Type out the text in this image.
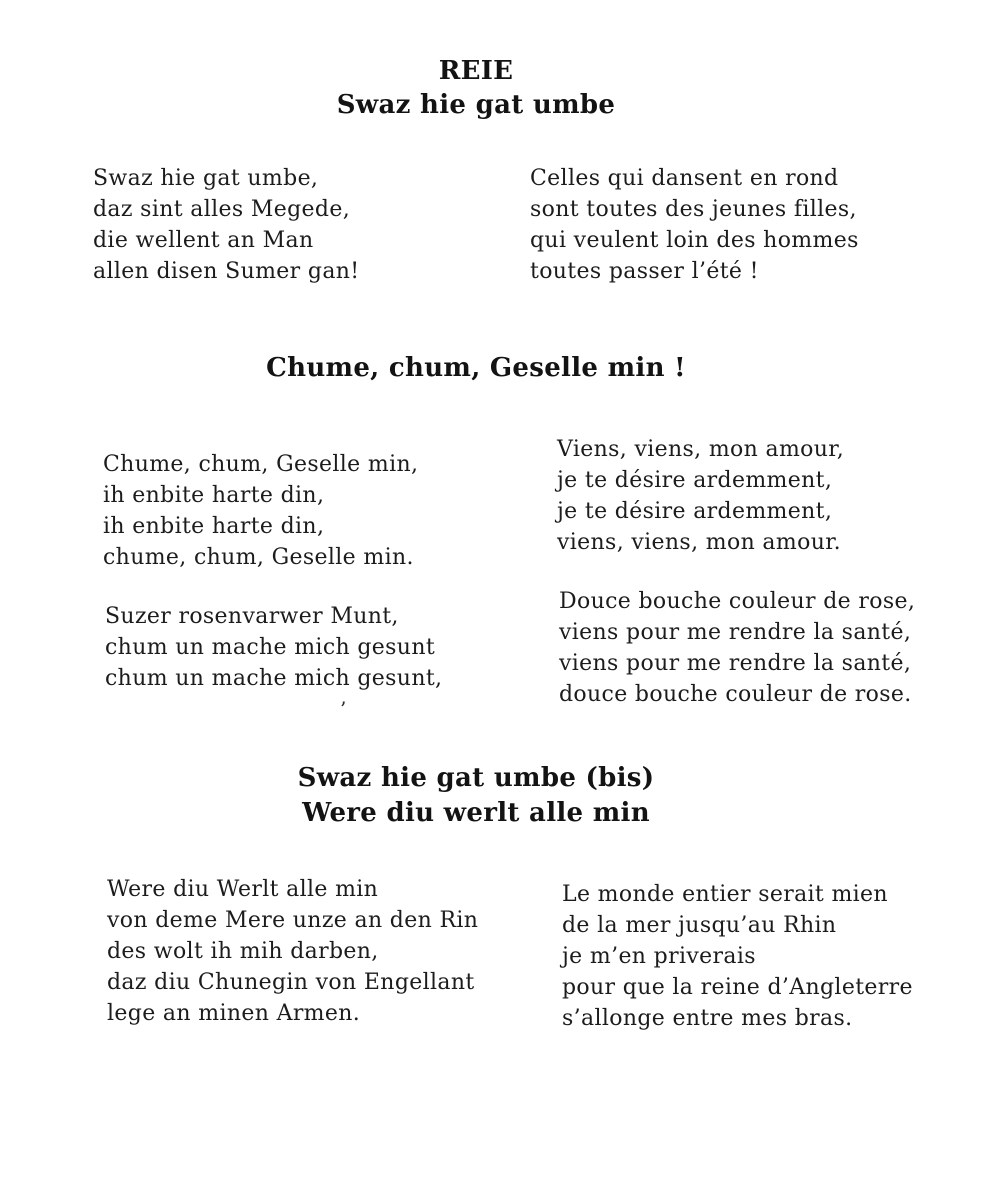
REIE
Swaz hie gat umbe
Swaz hie gat umbe,
daz sint alles Megede,
die wellent an Man
allen disen Sumer gan!
Celles qui dansent en rond
sont toutes des jeunes filles,
qui veulent loin des hommes
toutes passer l’été !
Chume, chum, Geselle min !
Chume, chum, Geselle min,
ih enbite harte din,
ih enbite harte din,
chume, chum, Geselle min.
Viens, viens, mon amour,
je te désire ardemment,
je te désire ardemment,
viens, viens, mon amour.
Suzer rosenvarwer Munt,
chum un mache mich gesunt
chum un mache mich gesunt,
’
Douce bouche couleur de rose,
viens pour me rendre la santé,
viens pour me rendre la santé,
douce bouche couleur de rose.
Swaz hie gat umbe (bis)
Were diu werlt alle min
Were diu Werlt alle min
von deme Mere unze an den Rin
des wolt ih mih darben,
daz diu Chunegin von Engellant
lege an minen Armen.
Le monde entier serait mien
de la mer jusqu’au Rhin
je m’en priverais
pour que la reine d’Angleterre
s’allonge entre mes bras.
